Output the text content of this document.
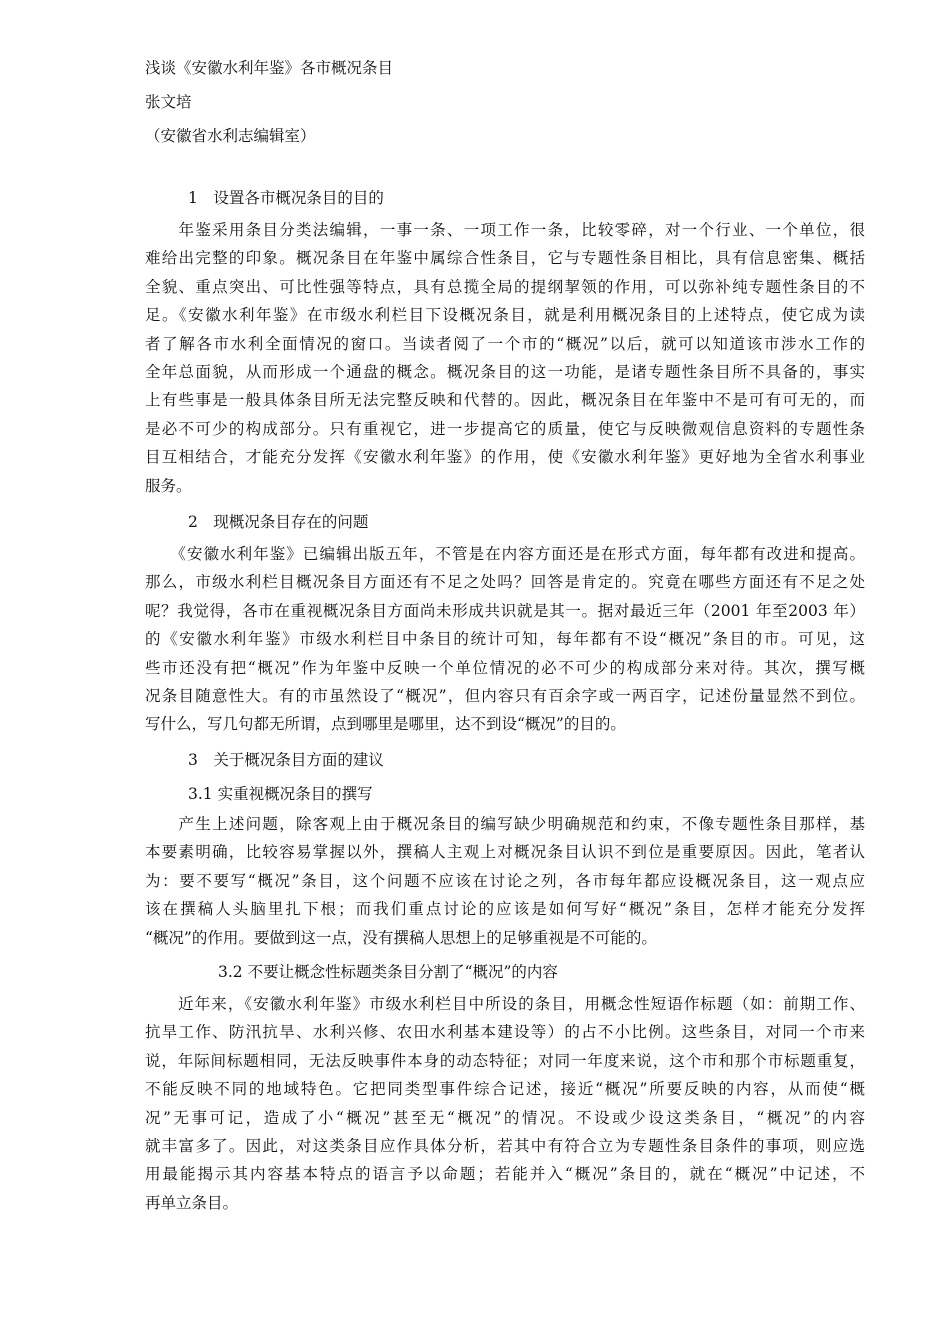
浅谈《安徽水利年鉴》各市概况条目
张文培
（安徽省水利志编辑室）
1　设置各市概况条目的目的
　　年鉴采用条目分类法编辑，一事一条、一项工作一条，比较零碎，对一个行业、一个单位，很
难给出完整的印象。概况条目在年鉴中属综合性条目，它与专题性条目相比，具有信息密集、概括
全貌、重点突出、可比性强等特点，具有总揽全局的提纲挈领的作用，可以弥补纯专题性条目的不
足。《安徽水利年鉴》在市级水利栏目下设概况条目，就是利用概况条目的上述特点，使它成为读
者了解各市水利全面情况的窗口。当读者阅了一个市的“概况”以后，就可以知道该市涉水工作的
全年总面貌，从而形成一个通盘的概念。概况条目的这一功能，是诸专题性条目所不具备的，事实
上有些事是一般具体条目所无法完整反映和代替的。因此，概况条目在年鉴中不是可有可无的，而
是必不可少的构成部分。只有重视它，进一步提高它的质量，使它与反映微观信息资料的专题性条
目互相结合，才能充分发挥《安徽水利年鉴》的作用，使《安徽水利年鉴》更好地为全省水利事业
服务。
2　现概况条目存在的问题
　　《安徽水利年鉴》已编辑出版五年，不管是在内容方面还是在形式方面，每年都有改进和提高。
那么，市级水利栏目概况条目方面还有不足之处吗？回答是肯定的。究竟在哪些方面还有不足之处
呢？我觉得，各市在重视概况条目方面尚未形成共识就是其一。据对最近三年（2001 年至2003 年）
的《安徽水利年鉴》市级水利栏目中条目的统计可知，每年都有不设“概况”条目的市。可见，这
些市还没有把“概况”作为年鉴中反映一个单位情况的必不可少的构成部分来对待。其次，撰写概
况条目随意性大。有的市虽然设了“概况”，但内容只有百余字或一两百字，记述份量显然不到位。
写什么，写几句都无所谓，点到哪里是哪里，达不到设“概况”的目的。
3　关于概况条目方面的建议
3.1 实重视概况条目的撰写
　　产生上述问题，除客观上由于概况条目的编写缺少明确规范和约束，不像专题性条目那样，基
本要素明确，比较容易掌握以外，撰稿人主观上对概况条目认识不到位是重要原因。因此，笔者认
为：要不要写“概况”条目，这个问题不应该在讨论之列，各市每年都应设概况条目，这一观点应
该在撰稿人头脑里扎下根；而我们重点讨论的应该是如何写好“概况”条目，怎样才能充分发挥
“概况”的作用。要做到这一点，没有撰稿人思想上的足够重视是不可能的。
3.2 不要让概念性标题类条目分割了“概况”的内容
　　近年来，《安徽水利年鉴》市级水利栏目中所设的条目，用概念性短语作标题（如：前期工作、
抗旱工作、防汛抗旱、水利兴修、农田水利基本建设等）的占不小比例。这些条目，对同一个市来
说，年际间标题相同，无法反映事件本身的动态特征；对同一年度来说，这个市和那个市标题重复，
不能反映不同的地域特色。它把同类型事件综合记述，接近“概况”所要反映的内容，从而使“概
况”无事可记，造成了小“概况”甚至无“概况”的情况。不设或少设这类条目，“概况”的内容
就丰富多了。因此，对这类条目应作具体分析，若其中有符合立为专题性条目条件的事项，则应选
用最能揭示其内容基本特点的语言予以命题；若能并入“概况”条目的，就在“概况”中记述，不
再单立条目。
